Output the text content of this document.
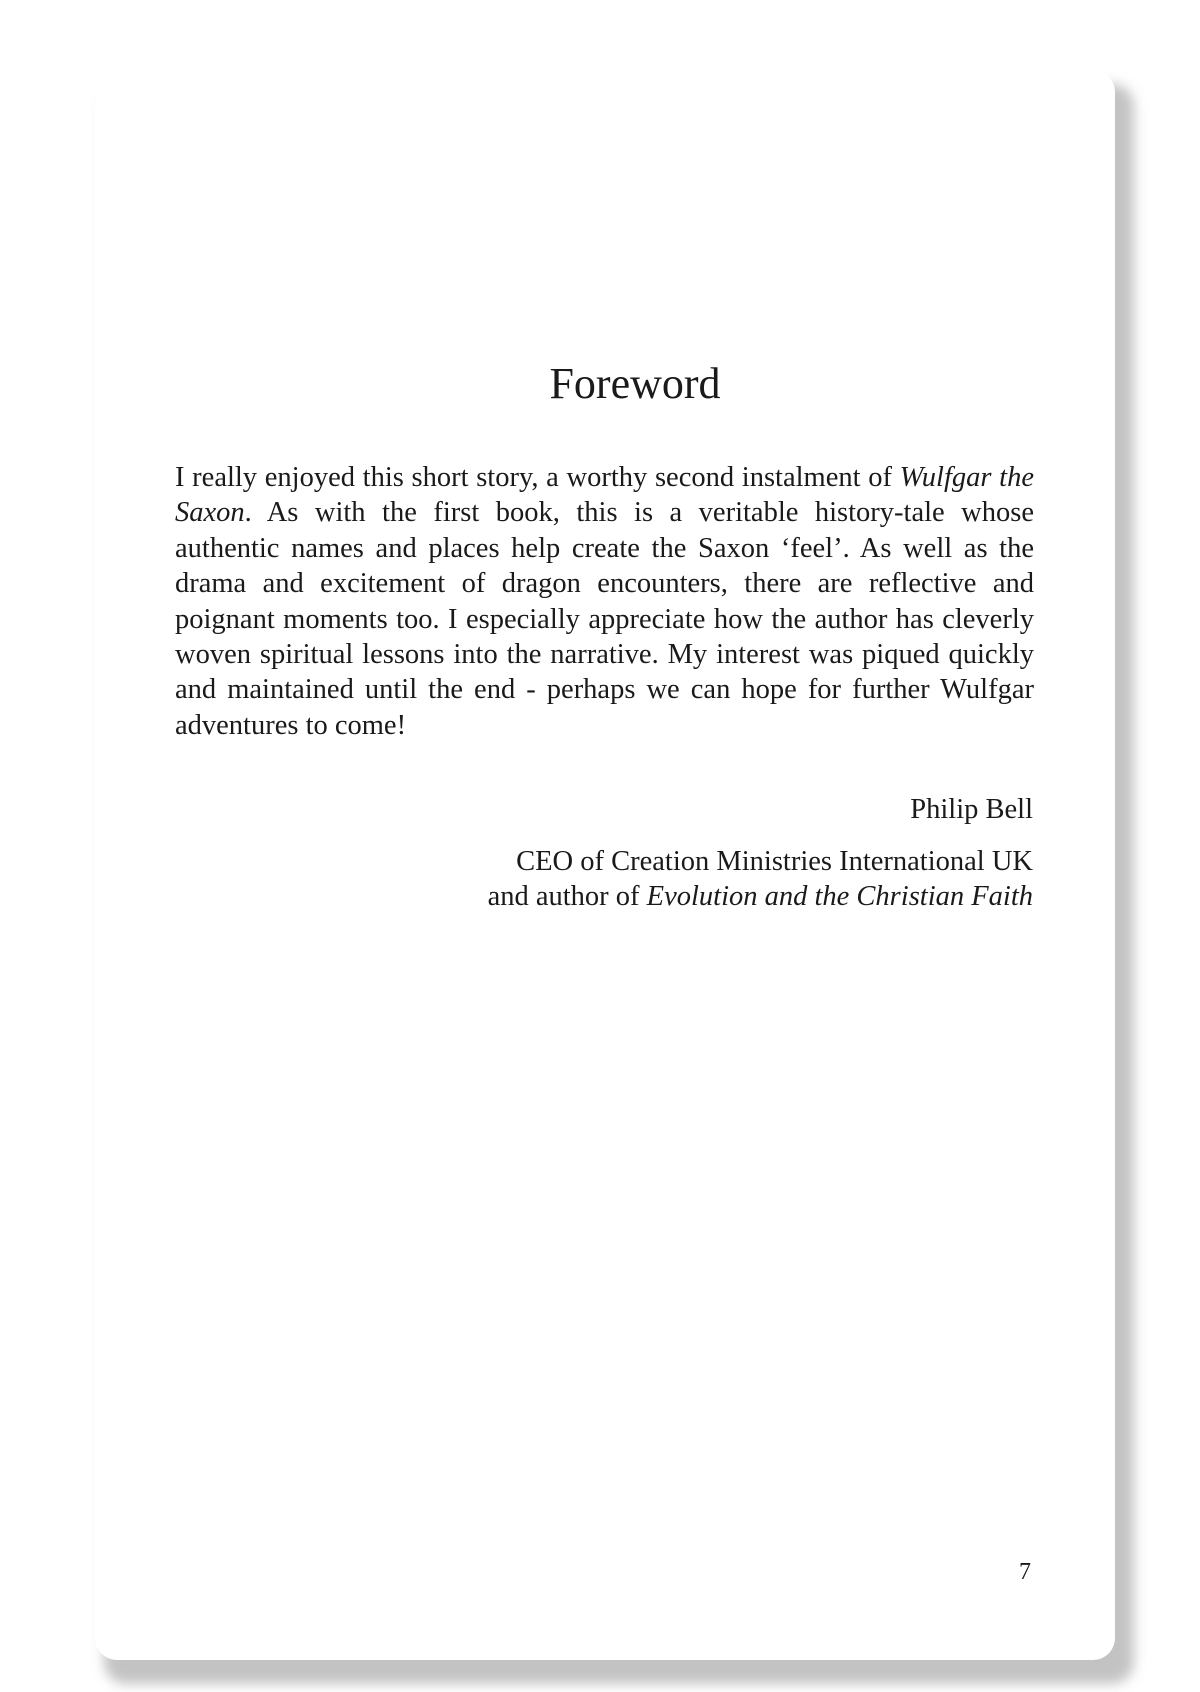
Foreword

I really enjoyed this short story, a worthy second instalment of Wulfgar the Saxon. As with the first book, this is a veritable history-tale whose authentic names and places help create the Saxon ‘feel’. As well as the drama and excitement of dragon encounters, there are reflective and poignant moments too. I especially appreciate how the author has cleverly woven spiritual lessons into the narrative. My interest was piqued quickly and maintained until the end - perhaps we can hope for further Wulfgar adventures to come!

Philip Bell

CEO of Creation Ministries International UK
and author of Evolution and the Christian Faith

7
